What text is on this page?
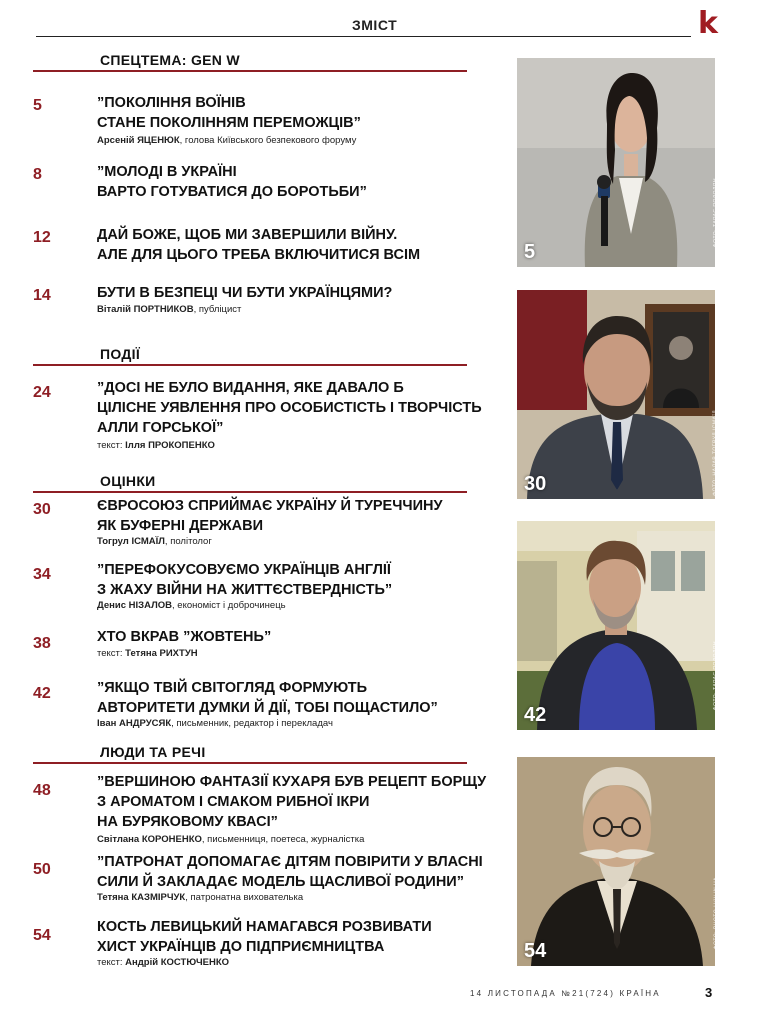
ЗМІСТ	k
СПЕЦТЕМА: GEN W
5	”ПОКОЛІННЯ ВОЇНІВ
СТАНЕ ПОКОЛІННЯМ ПЕРЕМОЖЦІВ”
Арсеній ЯЦЕНЮК, голова Київського безпекового форуму
8	”МОЛОДІ В УКРАЇНІ
ВАРТО ГОТУВАТИСЯ ДО БОРОТЬБИ”
12	ДАЙ БОЖЕ, ЩОБ МИ ЗАВЕРШИЛИ ВІЙНУ.
АЛЕ ДЛЯ ЦЬОГО ТРЕБА ВКЛЮЧИТИСЯ ВСІМ
14	БУТИ В БЕЗПЕЦІ ЧИ БУТИ УКРАЇНЦЯМИ?
Віталій ПОРТНИКОВ, публіцист
ПОДІЇ
24	”ДОСІ НЕ БУЛО ВИДАННЯ, ЯКЕ ДАВАЛО Б
ЦІЛІСНЕ УЯВЛЕННЯ ПРО ОСОБИСТІСТЬ І ТВОРЧІСТЬ
АЛЛИ ГОРСЬКОЇ”
текст: Ілля ПРОКОПЕНКО
ОЦІНКИ
30	ЄВРОСОЮЗ СПРИЙМАЄ УКРАЇНУ Й ТУРЕЧЧИНУ
ЯК БУФЕРНІ ДЕРЖАВИ
Тогрул ІСМАЇЛ, політолог
34	”ПЕРЕФОКУСОВУЄМО УКРАЇНЦІВ АНГЛІЇ
З ЖАХУ ВІЙНИ НА ЖИТТЄСТВЕРДНІСТЬ”
Денис НІЗАЛОВ, економіст і доброчинець
38	ХТО ВКРАВ ”ЖОВТЕНЬ”
текст: Тетяна РИХТУН
42	”ЯКЩО ТВІЙ СВІТОГЛЯД ФОРМУЮТЬ
АВТОРИТЕТИ ДУМКИ Й ДІЇ, ТОБІ ПОЩАСТИЛО”
Іван АНДРУСЯК, письменник, редактор і перекладач
ЛЮДИ ТА РЕЧІ
48	”ВЕРШИНОЮ ФАНТАЗІЇ КУХАРЯ БУВ РЕЦЕПТ БОРЩУ
З АРОМАТОМ І СМАКОМ РИБНОЇ ІКРИ
НА БУРЯКОВОМУ КВАСІ”
Світлана КОРОНЕНКО, письменниця, поетеса, журналістка
50	”ПАТРОНАТ ДОПОМАГАЄ ДІТЯМ ПОВІРИТИ У ВЛАСНІ
СИЛИ Й ЗАКЛАДАЄ МОДЕЛЬ ЩАСЛИВОЇ РОДИНИ”
Тетяна КАЗМІРЧУК, патронатна вихователька
54	КОСТЬ ЛЕВИЦЬКИЙ НАМАГАВСЯ РОЗВИВАТИ
ХИСТ УКРАЇНЦІВ ДО ПІДПРИЄМНИЦТВА
текст: Андрій КОСТЮЧЕНКО
5
ФОТО: ТАРАС ПОДОЛЯН
30	ФОТО: НАДАВ ТОГРУЛ ІСМАЇЛ
42
ФОТО: ТАРАС ПОДОЛЯН
54
ФОТО: PHOTO-LVIV.IN.UA
14 ЛИСТОПАДА №21(724) КРАЇНА	3
